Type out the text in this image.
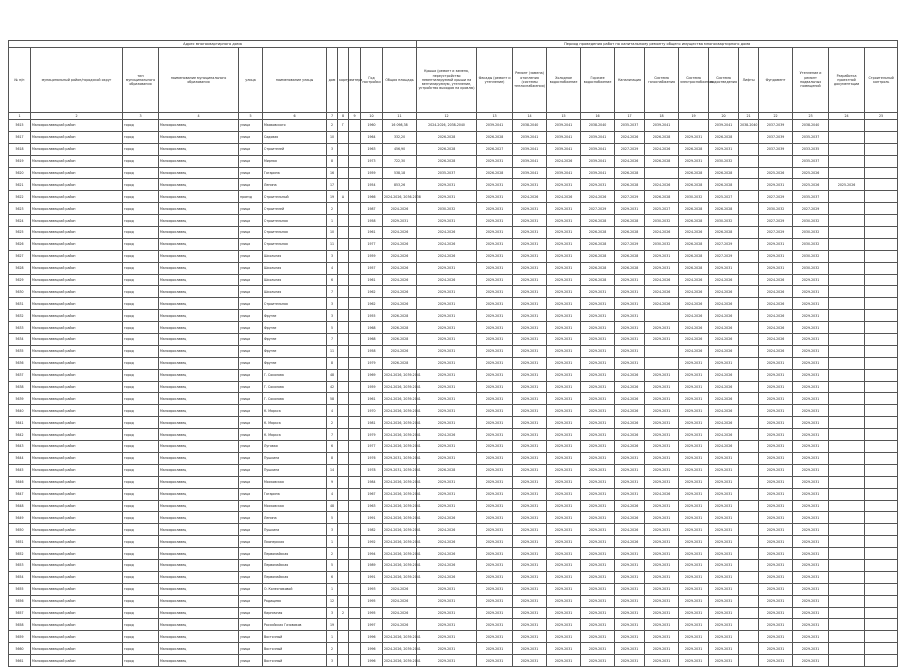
Адрес многоквартирного дома											Период проведения работ по капитальному ремонту общего имущества многоквартирного дома													
№ п/п	муниципальный район/городской округ	тип муниципального образования	наименование муниципального образования	улица	наименование улицы	дом	корпус	литера	Год постройки	Общая площадь	Крыша (ремонт и замена, переустройство невентилируемой крыши на вентилируемую, утепление, устройство выходов на кровлю)	Фасады (ремонт и утепление)	Ремонт (замена) отопления (системы теплоснабжения)	Холодное водоснабжение	Горячее водоснабжение	Канализация	Система газоснабжения	Система электроснабжения	Система водоотведения	Лифты	Фундамент	Утепление и ремонт подвальных помещений	Разработка проектной документации	Строительный контроль
1	2	3	4	5	6	7	8	9	10	11	12	13	14	15	16	17	18	19	20	21	22	23	24	25
5615	Малоярославецкий район	город	Малоярославец	улица	Маяковского	2	Г		1960	16 098,38	2024-2026, 2038-2040	2039-2041	2038-2040	2039-2041	2038-2040	2035-2037	2039-2041		2039-2041	2038-2040	2037-2039	2038-2040		
5617	Малоярославецкий район	город	Малоярославец	улица	Садовая	10			1964	332,20	2026-2028	2026-2028	2039-2041	2039-2041	2039-2041	2024-2026	2026-2028	2029-2031	2026-2028		2037-2039	2035-2037		
5618	Малоярославецкий район	город	Малоярославец	улица	Строителей	3			1963	456,90	2026-2028	2026-2027	2039-2041	2039-2041	2039-2041	2027-2029	2024-2026	2026-2028	2029-2031		2037-2039	2033-2035		
5619	Малоярославецкий район	город	Малоярославец	улица	Мирная	8			1973	722,30	2026-2028	2029-2031	2039-2041	2024-2026	2039-2041	2024-2026	2026-2028	2029-2031	2030-2032			2035-2037		
5620	Малоярославецкий район	город	Малоярославец	улица	Гагарина	16			1959	538,18	2035-2037	2026-2028	2039-2041	2039-2041	2039-2041	2026-2028		2026-2028	2026-2028		2025-2026	2025-2026		
5621	Малоярославецкий район	город	Малоярославец	улица	Ленина	17			1954	853,26	2029-2031	2029-2031	2029-2031	2029-2031	2029-2031	2026-2028	2024-2026	2026-2028	2026-2028		2029-2031	2025-2026	2025-2026	
5622	Малоярославецкий район	город	Малоярославец	проезд	Строительный	19	А		1966	2024-2026, 2036-2038	2029-2031	2029-2031	2024-2026	2024-2026	2024-2026	2027-2029	2026-2028	2030-2032	2025-2027		2027-2029	2035-2037		
5623	Малоярославецкий район	город	Малоярославец	улица	Строителей	2			1987	2024-2026	2030-2032	2029-2031	2029-2031	2029-2031	2027-2029	2029-2031	2025-2027	2026-2028	2026-2028		2030-2032	2027-2029		
5624	Малоярославецкий район	город	Малоярославец	улица	Строительная	1			1958	2029-2031	2029-2031	2029-2031	2029-2031	2029-2031	2026-2028	2026-2028	2030-2032	2026-2028	2030-2032		2027-2029	2030-2032		
5625	Малоярославецкий район	город	Малоярославец	улица	Строительная	10			1961	2024-2026	2024-2026	2029-2031	2029-2031	2029-2031	2026-2028	2026-2028	2024-2026	2024-2026	2026-2028		2027-2029	2030-2032		
5626	Малоярославецкий район	город	Малоярославец	улица	Строительная	11			1977	2024-2026	2024-2026	2029-2031	2029-2031	2029-2031	2026-2028	2027-2029	2030-2032	2026-2028	2027-2029		2029-2031	2030-2032		
5627	Малоярославецкий район	город	Малоярославец	улица	Школьная	3			1959	2024-2026	2024-2026	2029-2031	2029-2031	2029-2031	2026-2028	2026-2028	2029-2031	2026-2028	2027-2029		2029-2031	2030-2032		
5628	Малоярославецкий район	город	Малоярославец	улица	Школьная	4			1957	2024-2026	2029-2031	2029-2031	2029-2031	2029-2031	2026-2028	2026-2028	2029-2031	2026-2028	2029-2031		2029-2031	2030-2032		
5629	Малоярославецкий район	город	Малоярославец	улица	Школьная	6			1961	2024-2026	2024-2026	2029-2031	2029-2031	2029-2031	2026-2028	2029-2031	2024-2026	2024-2026	2024-2026		2024-2026	2029-2031		
5630	Малоярославецкий район	город	Малоярославец	улица	Школьная	7			1962	2024-2026	2029-2031	2029-2031	2029-2031	2029-2031	2029-2031	2029-2031	2024-2026	2024-2026	2024-2026		2024-2026	2029-2031		
5631	Малоярославецкий район	город	Малоярославец	улица	Строительная	3			1962	2024-2026	2029-2031	2029-2031	2029-2031	2029-2031	2029-2031	2029-2031	2024-2026	2024-2026	2024-2026		2024-2026	2029-2031		
5632	Малоярославецкий район	город	Малоярославец	улица	Фрунзе	3			1955	2026-2028	2029-2031	2029-2031	2029-2031	2029-2031	2029-2031	2029-2031		2024-2026	2024-2026		2024-2026	2029-2031		
5633	Малоярославецкий район	город	Малоярославец	улица	Фрунзе	5			1968	2026-2028	2029-2031	2029-2031	2029-2031	2029-2031	2029-2031	2029-2031	2029-2031	2024-2026	2024-2026		2024-2026	2029-2031		
5634	Малоярославецкий район	город	Малоярославец	улица	Фрунзе	7			1968	2026-2028	2029-2031	2029-2031	2029-2031	2029-2031	2029-2031	2029-2031	2029-2031	2024-2026	2024-2026		2024-2026	2029-2031		
5635	Малоярославецкий район	город	Малоярославец	улица	Фрунзе	11			1958	2024-2026	2029-2031	2029-2031	2029-2031	2029-2031	2029-2031	2029-2031		2024-2026	2024-2026		2024-2026	2029-2031		
5636	Малоярославецкий район	город	Малоярославец	улица	Фрунзе	8			1979	2026-2028	2029-2031	2029-2031	2029-2031	2029-2031	2029-2031	2029-2031		2029-2031	2029-2031		2029-2031	2029-2031		
5637	Малоярославецкий район	город	Малоярославец	улица	Г. Соколова	48			1969	2024-2026, 2039-2041	2029-2031	2029-2031	2029-2031	2029-2031	2029-2031	2024-2026	2029-2031	2029-2031	2024-2026		2029-2031	2029-2031		
5638	Малоярославецкий район	город	Малоярославец	улица	Г. Соколова	42			1959	2024-2026, 2039-2041	2029-2031	2029-2031	2029-2031	2029-2031	2029-2031	2024-2026	2029-2031	2029-2031	2024-2026		2029-2031	2029-2031		
5639	Малоярославецкий район	город	Малоярославец	улица	Г. Соколова	58			1961	2024-2026, 2039-2041	2029-2031	2029-2031	2029-2031	2029-2031	2029-2031	2024-2026	2029-2031	2029-2031	2024-2026		2029-2031	2029-2031		
5640	Малоярославецкий район	город	Малоярославец	улица	К. Маркса	4			1970	2024-2026, 2039-2041	2029-2031	2029-2031	2029-2031	2029-2031	2029-2031	2024-2026	2029-2031	2029-2031	2024-2026		2029-2031	2029-2031		
5641	Малоярославецкий район	город	Малоярославец	улица	К. Маркса	2			1981	2024-2026, 2039-2041	2029-2031	2029-2031	2029-2031	2029-2031	2029-2031	2024-2026	2029-2031	2029-2031	2024-2026		2029-2031	2029-2031		
5642	Малоярославецкий район	город	Малоярославец	улица	К. Маркса	7			1979	2024-2026, 2039-2041	2024-2026	2029-2031	2029-2031	2029-2031	2029-2031	2024-2026	2029-2031	2029-2031	2024-2026		2029-2031	2029-2031		
5643	Малоярославецкий район	город	Малоярославец	улица	Луговая	6			1977	2024-2026, 2039-2041	2029-2031	2029-2031	2029-2031	2029-2031	2029-2031	2024-2026	2029-2031	2029-2031	2024-2026		2029-2031	2029-2031		
5644	Малоярославецкий район	город	Малоярославец	улица	Пушкина	8			1976	2029-2031, 2039-2041	2029-2031	2029-2031	2029-2031	2029-2031	2029-2031	2029-2031	2029-2031	2029-2031	2029-2031		2029-2031	2029-2031		
5645	Малоярославецкий район	город	Малоярославец	улица	Пушкина	14			1978	2029-2031, 2039-2041	2026-2028	2029-2031	2029-2031	2029-2031	2029-2031	2029-2031	2029-2031	2029-2031	2029-2031		2029-2031	2029-2031		
5646	Малоярославецкий район	город	Малоярославец	улица	Московская	9			1984	2024-2026, 2039-2041	2029-2031	2029-2031	2029-2031	2029-2031	2029-2031	2029-2031	2029-2031	2029-2031	2029-2031		2029-2031	2029-2031		
5647	Малоярославецкий район	город	Малоярославец	улица	Гагарина	4			1967	2024-2026, 2039-2041	2029-2031	2029-2031	2029-2031	2029-2031	2029-2031	2029-2031	2024-2026	2029-2031	2029-2031		2029-2031	2029-2031		
5648	Малоярославецкий район	город	Малоярославец	улица	Московская	48			1963	2024-2026, 2039-2041	2029-2031	2029-2031	2029-2031	2029-2031	2029-2031	2024-2026	2029-2031	2029-2031	2029-2031		2029-2031	2029-2031		
5649	Малоярославецкий район	город	Малоярославец	улица	Ленина	5			1991	2024-2026, 2039-2041	2024-2026	2029-2031	2029-2031	2029-2031	2029-2031	2024-2026	2029-2031	2029-2031	2029-2031		2029-2031	2029-2031		
5650	Малоярославецкий район	город	Малоярославец	улица	Пушкина	3			1982	2024-2026, 2039-2041	2024-2026	2029-2031	2029-2031	2029-2031	2029-2031	2024-2026	2029-2031	2029-2031	2029-2031		2029-2031	2029-2031		
5651	Малоярославецкий район	город	Малоярославец	улица	Пионерская	1			1992	2024-2026, 2039-2041	2024-2026	2029-2031	2029-2031	2029-2031	2029-2031	2024-2026	2029-2031	2029-2031	2029-2031		2029-2031	2029-2031		
5652	Малоярославецкий район	город	Малоярославец	улица	Первомайская	2			1994	2024-2026, 2039-2041	2024-2026	2029-2031	2029-2031	2029-2031	2029-2031	2029-2031	2029-2031	2029-2031	2029-2031		2029-2031	2029-2031		
5653	Малоярославецкий район	город	Малоярославец	улица	Первомайская	5			1989	2024-2026, 2039-2041	2024-2026	2029-2031	2029-2031	2029-2031	2029-2031	2029-2031	2029-2031	2029-2031	2029-2031		2029-2031	2029-2031		
5654	Малоярославецкий район	город	Малоярославец	улица	Первомайская	6			1991	2024-2026, 2039-2041	2024-2026	2029-2031	2029-2031	2029-2031	2029-2031	2029-2031	2029-2031	2029-2031	2029-2031		2029-2031	2029-2031		
5655	Малоярославецкий район	город	Малоярославец	улица	О. Колесниковой	1			1993	2024-2026	2029-2031	2029-2031	2029-2031	2029-2031	2029-2031	2029-2031	2029-2031	2029-2031	2029-2031		2029-2031	2029-2031		
5656	Малоярославецкий район	город	Малоярославец	улица	Радищева	12			1995	2024-2026	2029-2031	2029-2031	2029-2031	2029-2031	2029-2031	2029-2031	2029-2031	2029-2031	2029-2031		2029-2031	2029-2031		
5657	Малоярославецкий район	город	Малоярославец	улица	Кирпичная	3	2		1995	2024-2026	2029-2031	2029-2031	2029-2031	2029-2031	2029-2031	2029-2031	2029-2031	2029-2031	2029-2031		2029-2031	2029-2031		
5658	Малоярославецкий район	город	Малоярославец	улица	Российских Газовиков	19			1997	2024-2026	2029-2031	2029-2031	2029-2031	2029-2031	2029-2031	2029-2031	2029-2031	2029-2031	2029-2031		2029-2031	2029-2031		
5659	Малоярославецкий район	город	Малоярославец	улица	Восточный	1			1996	2024-2026, 2039-2041	2029-2031	2029-2031	2029-2031	2029-2031	2029-2031	2029-2031	2029-2031	2029-2031	2029-2031		2029-2031	2029-2031		
5660	Малоярославецкий район	город	Малоярославец	улица	Восточный	2			1996	2024-2026, 2039-2041	2029-2031	2029-2031	2029-2031	2029-2031	2029-2031	2029-2031	2029-2031	2029-2031	2029-2031		2029-2031	2029-2031		
5661	Малоярославецкий район	город	Малоярославец	улица	Восточный	3			1996	2024-2026, 2039-2041	2029-2031	2029-2031	2029-2031	2029-2031	2029-2031	2029-2031	2029-2031	2029-2031	2029-2031		2029-2031	2029-2031		
